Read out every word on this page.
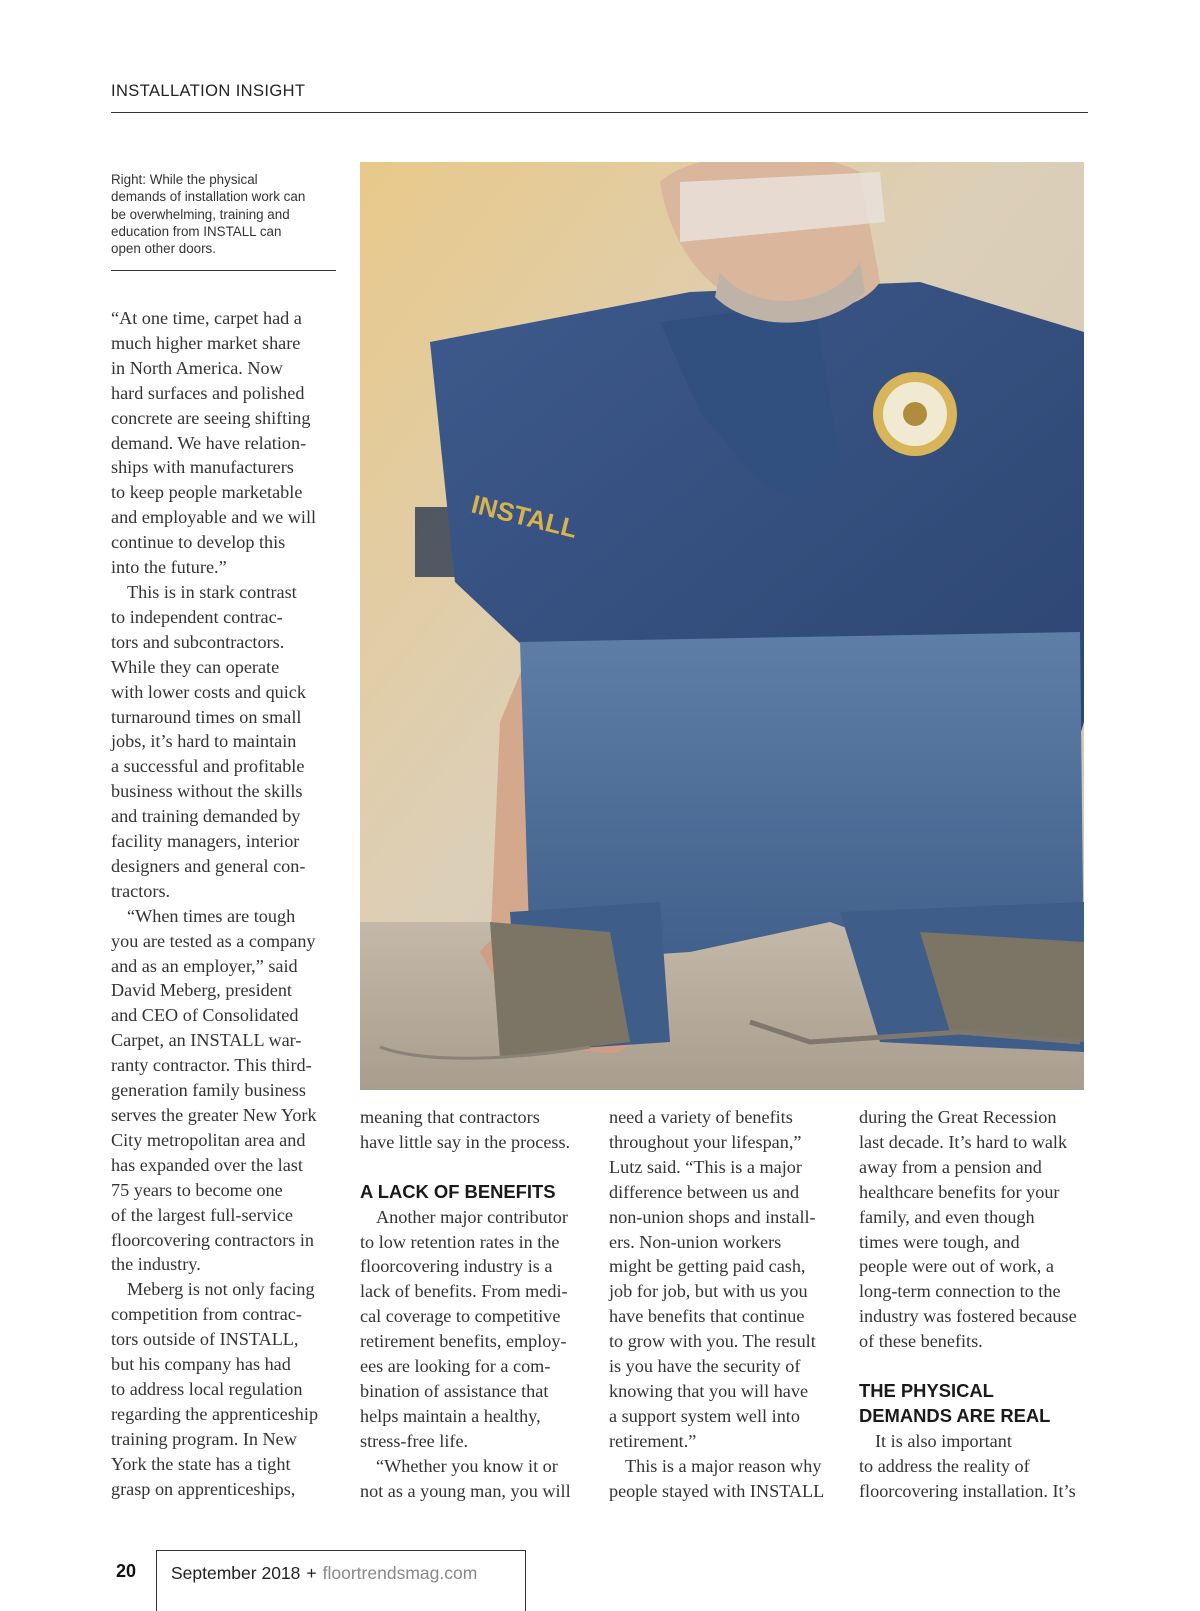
INSTALLATION INSIGHT
Right: While the physical
demands of installation work can
be overwhelming, training and
education from INSTALL can
open other doors.
INSTALL

“At one time, carpet had a
much higher market share
in North America. Now
hard surfaces and polished
concrete are seeing shifting
demand. We have relation-
ships with manufacturers
to keep people marketable
and employable and we will
continue to develop this
into the future.”

This is in stark contrast
to independent contrac-
tors and subcontractors.
While they can operate
with lower costs and quick
turnaround times on small
jobs, it’s hard to maintain
a successful and profitable
business without the skills
and training demanded by
facility managers, interior
designers and general con-
tractors.

“When times are tough
you are tested as a company
and as an employer,” said
David Meberg, president
and CEO of Consolidated
Carpet, an INSTALL war-
ranty contractor. This third-
generation family business
serves the greater New York
City metropolitan area and
has expanded over the last
75 years to become one
of the largest full-service
floorcovering contractors in
the industry.

Meberg is not only facing
competition from contrac-
tors outside of INSTALL,
but his company has had
to address local regulation
regarding the apprenticeship
training program. In New
York the state has a tight
grasp on apprenticeships,

meaning that contractors
have little say in the process.

A LACK OF BENEFITS

Another major contributor
to low retention rates in the
floorcovering industry is a
lack of benefits. From medi-
cal coverage to competitive
retirement benefits, employ-
ees are looking for a com-
bination of assistance that
helps maintain a healthy,
stress-free life.

“Whether you know it or
not as a young man, you will

need a variety of benefits
throughout your lifespan,”
Lutz said. “This is a major
difference between us and
non-union shops and install-
ers. Non-union workers
might be getting paid cash,
job for job, but with us you
have benefits that continue
to grow with you. The result
is you have the security of
knowing that you will have
a support system well into
retirement.”

This is a major reason why
people stayed with INSTALL

during the Great Recession
last decade. It’s hard to walk
away from a pension and
healthcare benefits for your
family, and even though
times were tough, and
people were out of work, a
long-term connection to the
industry was fostered because
of these benefits.

THE PHYSICAL
DEMANDS ARE REAL

It is also important
to address the reality of
floorcovering installation. It’s

20 September 2018 + floortrendsmag.com
